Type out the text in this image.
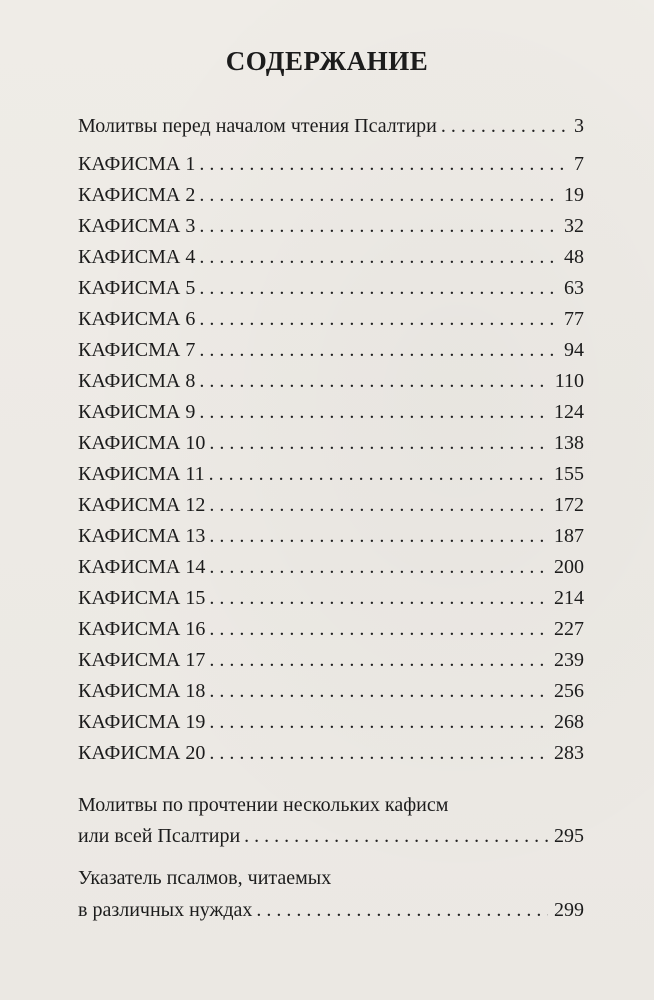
СОДЕРЖАНИЕ
Молитвы перед началом чтения Псалтири . . .	3
КАФИСМА 1 . . .	7
КАФИСМА 2 . . .	19
КАФИСМА 3 . . .	32
КАФИСМА 4 . . .	48
КАФИСМА 5 . . .	63
КАФИСМА 6 . . .	77
КАФИСМА 7 . . .	94
КАФИСМА 8 . . .	110
КАФИСМА 9 . . .	124
КАФИСМА 10 . . .	138
КАФИСМА 11 . . .	155
КАФИСМА 12 . . .	172
КАФИСМА 13 . . .	187
КАФИСМА 14 . . .	200
КАФИСМА 15 . . .	214
КАФИСМА 16 . . .	227
КАФИСМА 17 . . .	239
КАФИСМА 18 . . .	256
КАФИСМА 19 . . .	268
КАФИСМА 20 . . .	283
Молитвы по прочтении нескольких кафисм
или всей Псалтири . . .	295
Указатель псалмов, читаемых
в различных нуждах . . .	299
